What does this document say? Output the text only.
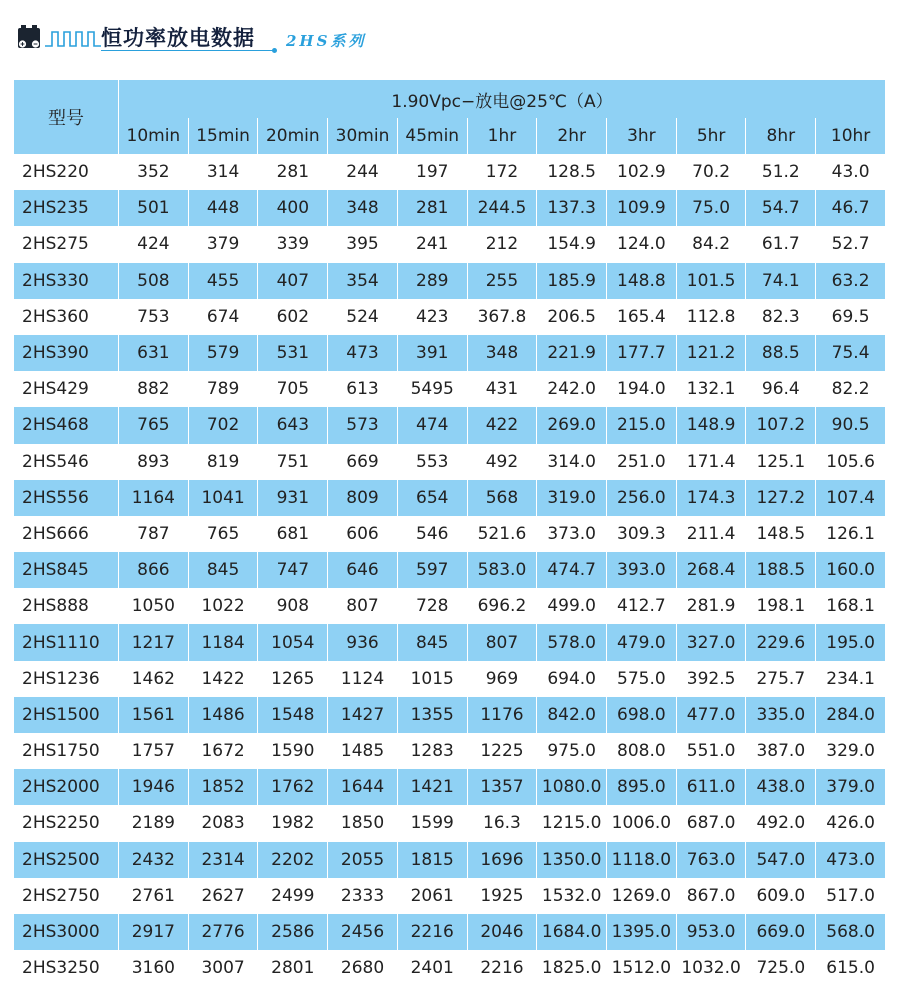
恒功率放电数据 2HS系列
型号	1.90Vpc−放电@25℃（A）										
	10min	15min	20min	30min	45min	1hr	2hr	3hr	5hr	8hr	10hr
2HS220	352	314	281	244	197	172	128.5	102.9	70.2	51.2	43.0
2HS235	501	448	400	348	281	244.5	137.3	109.9	75.0	54.7	46.7
2HS275	424	379	339	395	241	212	154.9	124.0	84.2	61.7	52.7
2HS330	508	455	407	354	289	255	185.9	148.8	101.5	74.1	63.2
2HS360	753	674	602	524	423	367.8	206.5	165.4	112.8	82.3	69.5
2HS390	631	579	531	473	391	348	221.9	177.7	121.2	88.5	75.4
2HS429	882	789	705	613	5495	431	242.0	194.0	132.1	96.4	82.2
2HS468	765	702	643	573	474	422	269.0	215.0	148.9	107.2	90.5
2HS546	893	819	751	669	553	492	314.0	251.0	171.4	125.1	105.6
2HS556	1164	1041	931	809	654	568	319.0	256.0	174.3	127.2	107.4
2HS666	787	765	681	606	546	521.6	373.0	309.3	211.4	148.5	126.1
2HS845	866	845	747	646	597	583.0	474.7	393.0	268.4	188.5	160.0
2HS888	1050	1022	908	807	728	696.2	499.0	412.7	281.9	198.1	168.1
2HS1110	1217	1184	1054	936	845	807	578.0	479.0	327.0	229.6	195.0
2HS1236	1462	1422	1265	1124	1015	969	694.0	575.0	392.5	275.7	234.1
2HS1500	1561	1486	1548	1427	1355	1176	842.0	698.0	477.0	335.0	284.0
2HS1750	1757	1672	1590	1485	1283	1225	975.0	808.0	551.0	387.0	329.0
2HS2000	1946	1852	1762	1644	1421	1357	1080.0	895.0	611.0	438.0	379.0
2HS2250	2189	2083	1982	1850	1599	16.3	1215.0	1006.0	687.0	492.0	426.0
2HS2500	2432	2314	2202	2055	1815	1696	1350.0	1118.0	763.0	547.0	473.0
2HS2750	2761	2627	2499	2333	2061	1925	1532.0	1269.0	867.0	609.0	517.0
2HS3000	2917	2776	2586	2456	2216	2046	1684.0	1395.0	953.0	669.0	568.0
2HS3250	3160	3007	2801	2680	2401	2216	1825.0	1512.0	1032.0	725.0	615.0
